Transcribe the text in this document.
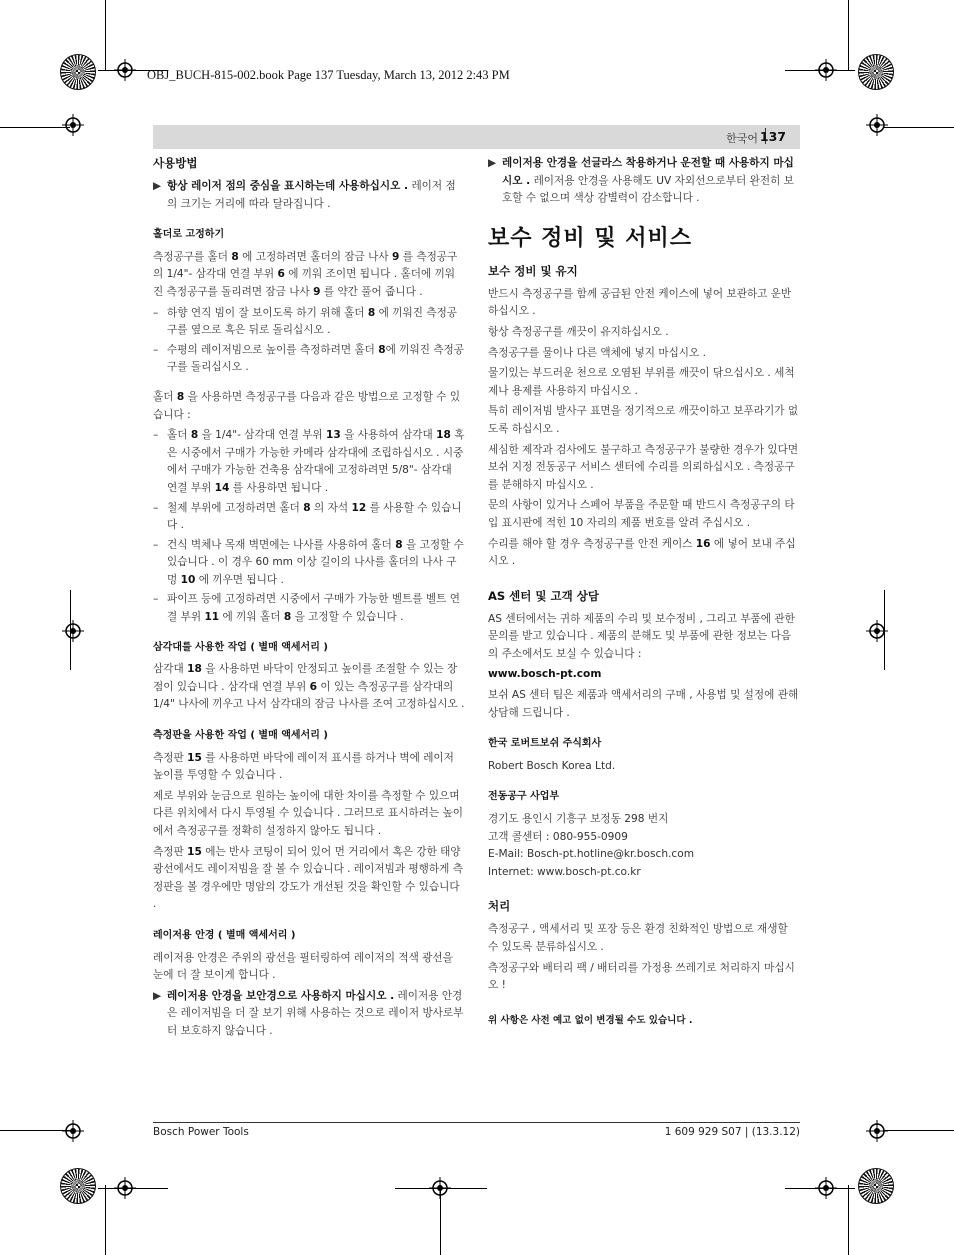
OBJ_BUCH-815-002.book Page 137 Tuesday, March 13, 2012 2:43 PM
한국어 137
사용방법
▶ 항상 레이저 점의 중심을 표시하는데 사용하십시오 . 레이저 점의 크기는 거리에 따라 달라집니다 .
홀더로 고정하기

측정공구를 홀더 8 에 고정하려면 홀더의 잠금 나사 9 를 측정공구의 1/4"- 삼각대 연결 부위 6 에 끼워 조이면 됩니다 . 홀더에 끼워진 측정공구를 돌리려면 잠금 나사 9 를 약간 풀어 줍니다 .

– 하향 연직 빔이 잘 보이도록 하기 위해 홀더 8 에 끼워진 측정공구를 옆으로 혹은 뒤로 돌리십시오 .
– 수평의 레이저빔으로 높이를 측정하려면 홀더 8에 끼워진 측정공구를 돌리십시오 .

홀더 8 을 사용하면 측정공구를 다음과 같은 방법으로 고정할 수 있습니다 :

– 홀더 8 을 1/4"- 삼각대 연결 부위 13 을 사용하여 삼각대 18 혹은 시중에서 구매가 가능한 카메라 삼각대에 조립하십시오 . 시중에서 구매가 가능한 건축용 삼각대에 고정하려면 5/8"- 삼각대 연결 부위 14 를 사용하면 됩니다 .
– 철제 부위에 고정하려면 홀더 8 의 자석 12 를 사용할 수 있습니다 .
– 건식 벽체나 목재 벽면에는 나사를 사용하여 홀더 8 을 고정할 수 있습니다 . 이 경우 60 mm 이상 길이의 나사를 홀더의 나사 구멍 10 에 끼우면 됩니다 .
– 파이프 등에 고정하려면 시중에서 구매가 가능한 벨트를 벨트 연결 부위 11 에 끼워 홀더 8 을 고정할 수 있습니다 .
삼각대를 사용한 작업 ( 별매 액세서리 )

삼각대 18 을 사용하면 바닥이 안정되고 높이를 조절할 수 있는 장점이 있습니다 . 삼각대 연결 부위 6 이 있는 측정공구를 삼각대의 1/4" 나사에 끼우고 나서 삼각대의 잠금 나사를 조여 고정하십시오 .

측정판을 사용한 작업 ( 별매 액세서리 )

측정판 15 를 사용하면 바닥에 레이저 표시를 하거나 벽에 레이저 높이를 투영할 수 있습니다 .

제로 부위와 눈금으로 원하는 높이에 대한 차이를 측정할 수 있으며 다른 위치에서 다시 투영될 수 있습니다 . 그러므로 표시하려는 높이에서 측정공구를 정확히 설정하지 않아도 됩니다 .

측정판 15 에는 반사 코팅이 되어 있어 먼 거리에서 혹은 강한 태양 광선에서도 레이저빔을 잘 볼 수 있습니다 . 레이저빔과 평행하게 측정판을 볼 경우에만 명암의 강도가 개선된 것을 확인할 수 있습니다 .

레이저용 안경 ( 별매 액세서리 )

레이저용 안경은 주위의 광선을 필터링하여 레이저의 적색 광선을 눈에 더 잘 보이게 합니다 .

▶ 레이저용 안경을 보안경으로 사용하지 마십시오 . 레이저용 안경은 레이저빔을 더 잘 보기 위해 사용하는 것으로 레이저 방사로부터 보호하지 않습니다 .
▶ 레이저용 안경을 선글라스 착용하거나 운전할 때 사용하지 마십시오 . 레이저용 안경을 사용해도 UV 자외선으로부터 완전히 보호할 수 없으며 색상 감별력이 감소합니다 .
보수 정비 및 서비스
보수 정비 및 유지

반드시 측정공구를 함께 공급된 안전 케이스에 넣어 보관하고 운반하십시오 .

항상 측정공구를 깨끗이 유지하십시오 .

측정공구를 물이나 다른 액체에 넣지 마십시오 .

물기있는 부드러운 천으로 오염된 부위를 깨끗이 닦으십시오 . 세척제나 용제를 사용하지 마십시오 .

특히 레이저빔 발사구 표면을 정기적으로 깨끗이하고 보푸라기가 없도록 하십시오 .

세심한 제작과 검사에도 불구하고 측정공구가 불량한 경우가 있다면 보쉬 지정 전동공구 서비스 센터에 수리를 의뢰하십시오 . 측정공구를 분해하지 마십시오 .

문의 사항이 있거나 스페어 부품을 주문할 때 반드시 측정공구의 타입 표시판에 적힌 10 자리의 제품 번호를 알려 주십시오 .

수리를 해야 할 경우 측정공구를 안전 케이스 16 에 넣어 보내 주십시오 .

AS 센터 및 고객 상담

AS 센터에서는 귀하 제품의 수리 및 보수정비 , 그리고 부품에 관한 문의를 받고 있습니다 . 제품의 분해도 및 부품에 관한 정보는 다음의 주소에서도 보실 수 있습니다 :

www.bosch-pt.com

보쉬 AS 센터 팀은 제품과 액세서리의 구매 , 사용법 및 설정에 관해 상담해 드립니다 .

한국 로버트보쉬 주식회사

Robert Bosch Korea Ltd.

전동공구 사업부

경기도 용인시 기흥구 보정동 298 번지

고객 콜센터 : 080-955-0909

E-Mail: Bosch-pt.hotline@kr.bosch.com

Internet: www.bosch-pt.co.kr

처리

측정공구 , 액세서리 및 포장 등은 환경 친화적인 방법으로 재생할 수 있도록 분류하십시오 .

측정공구와 배터리 팩 / 배터리를 가정용 쓰레기로 처리하지 마십시오 !

위 사항은 사전 예고 없이 변경될 수도 있습니다 .

Bosch Power Tools	1 609 929 S07 | (13.3.12)
